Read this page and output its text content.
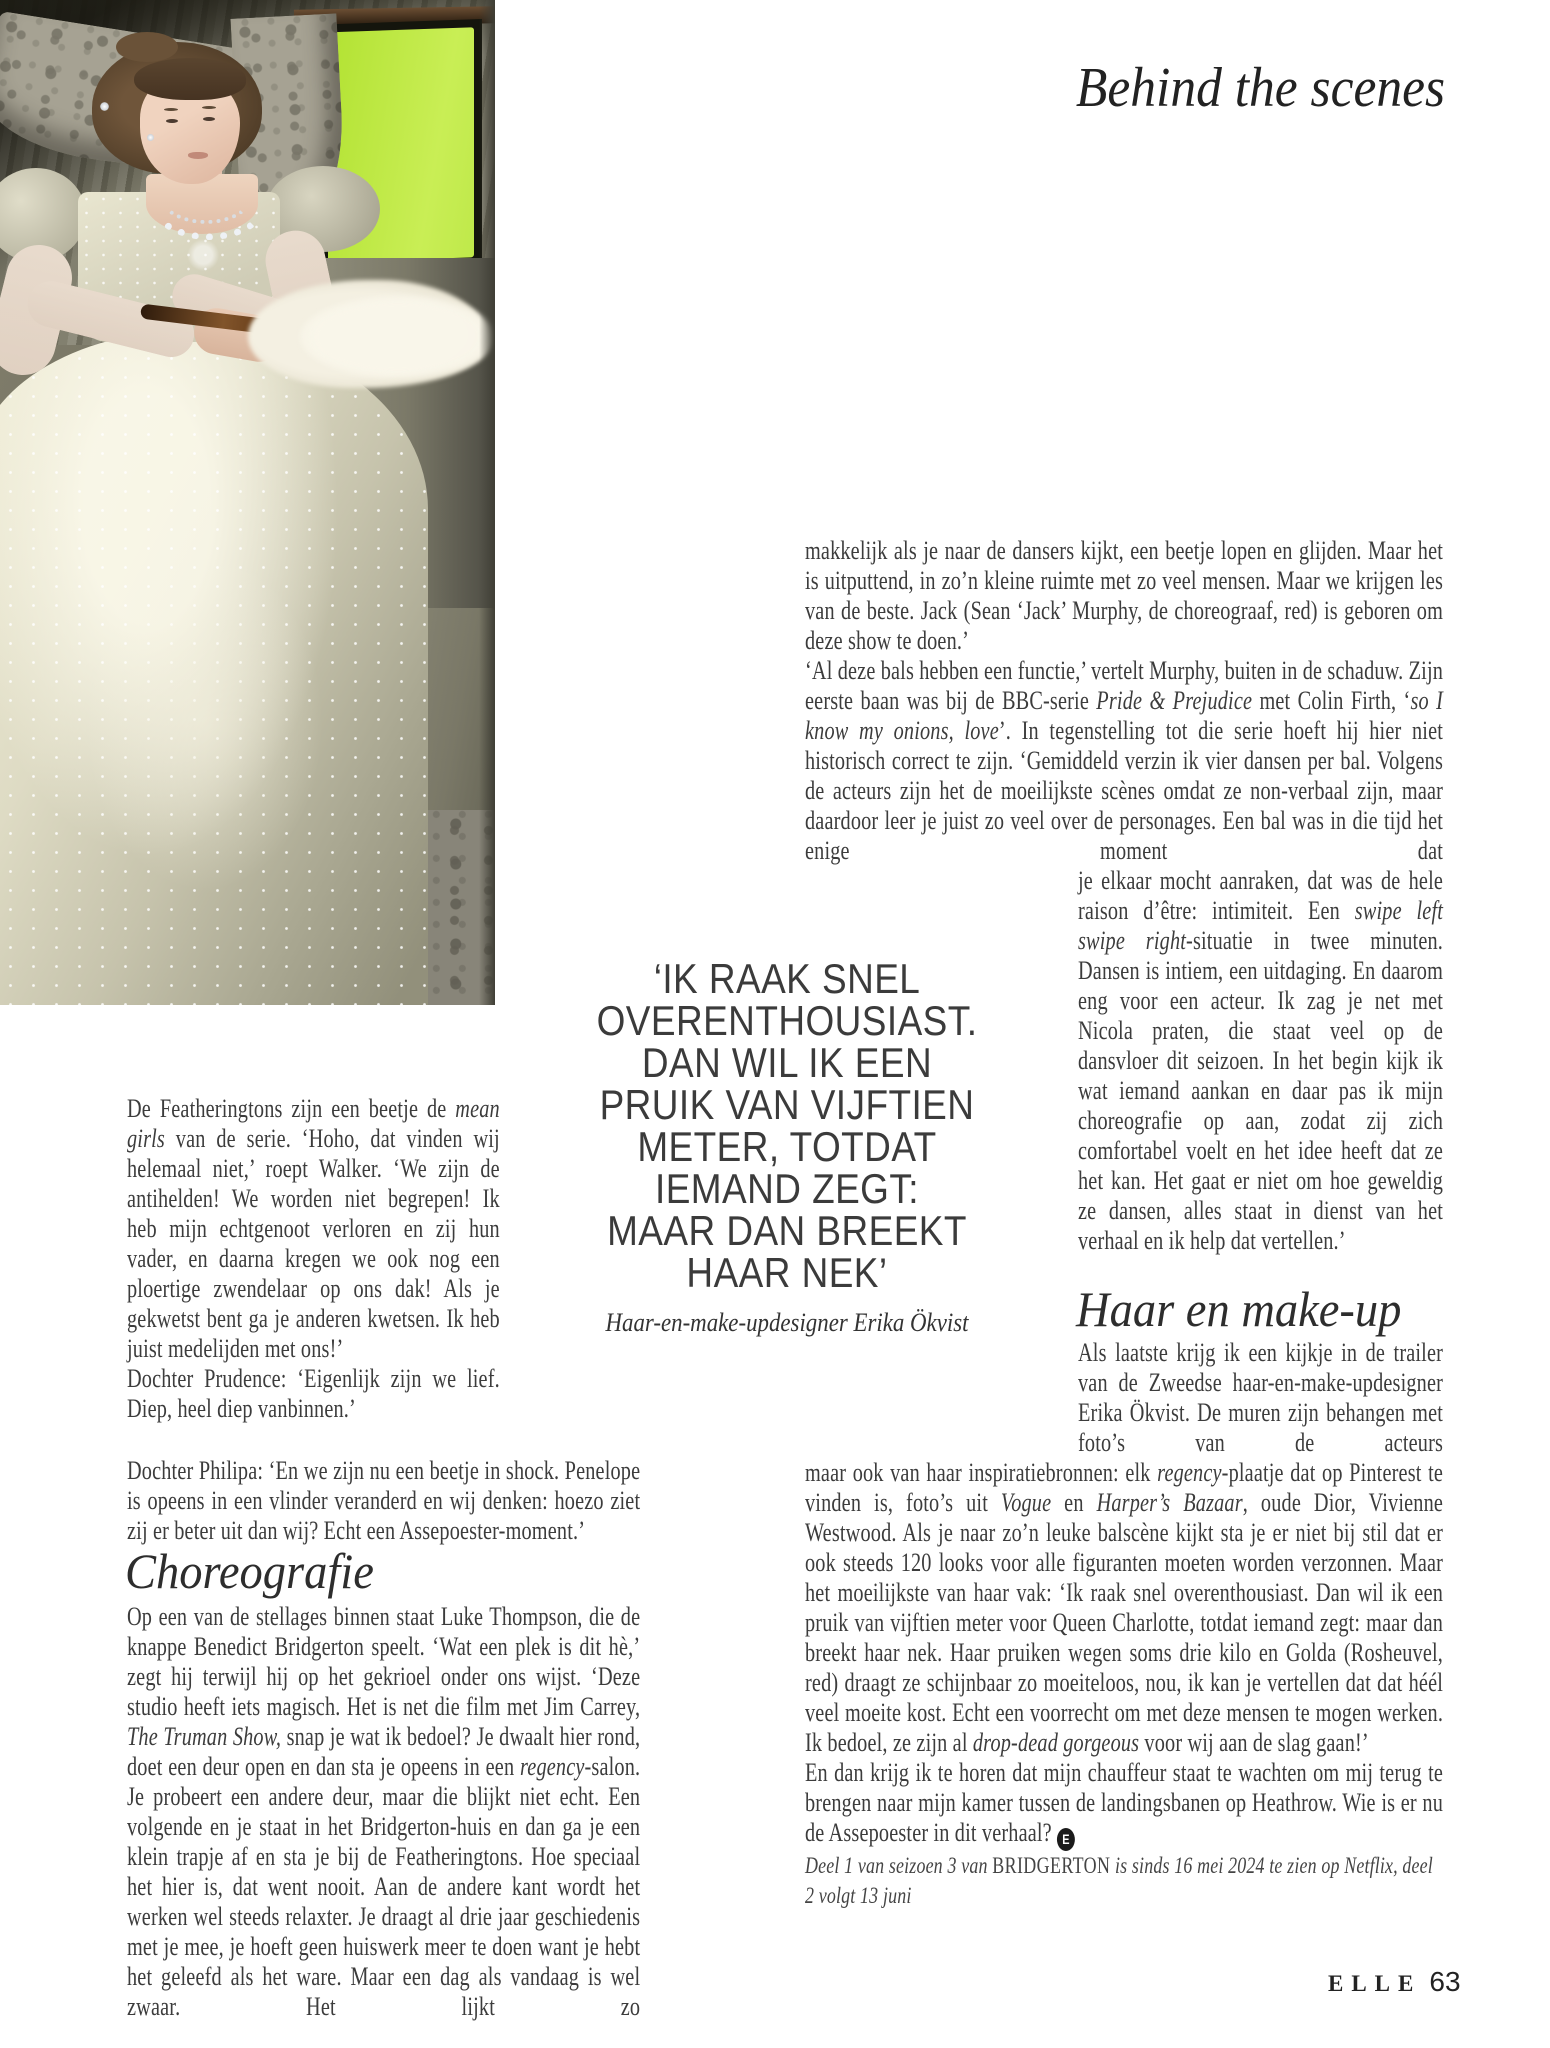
Behind the scenes

makkelijk als je naar de dansers kijkt, een beetje lopen en glijden. Maar het is uitputtend, in zo’n kleine ruimte met zo veel mensen. Maar we krijgen les van de beste. Jack (Sean ‘Jack’ Murphy, de choreograaf, red) is geboren om deze show te doen.’

‘Al deze bals hebben een functie,’ vertelt Murphy, buiten in de schaduw. Zijn eerste baan was bij de BBC-serie Pride & Prejudice met Colin Firth, ‘so I know my onions, love’. In tegenstelling tot die serie hoeft hij hier niet historisch correct te zijn. ‘Gemiddeld verzin ik vier dansen per bal. Volgens de acteurs zijn het de moeilijkste scènes omdat ze non-verbaal zijn, maar daardoor leer je juist zo veel over de personages. Een bal was in die tijd het enige moment dat

je elkaar mocht aanraken, dat was de hele raison d’être: intimiteit. Een swipe left swipe right-situatie in twee minuten. Dansen is intiem, een uitdaging. En daarom eng voor een acteur. Ik zag je net met Nicola praten, die staat veel op de dansvloer dit seizoen. In het begin kijk ik wat iemand aankan en daar pas ik mijn choreografie op aan, zodat zij zich comfortabel voelt en het idee heeft dat ze het kan. Het gaat er niet om hoe geweldig ze dansen, alles staat in dienst van het verhaal en ik help dat vertellen.’

‘IK RAAK SNEL
OVERENTHOUSIAST.
DAN WIL IK EEN
PRUIK VAN VIJFTIEN
METER, TOTDAT
IEMAND ZEGT:
MAAR DAN BREEKT
HAAR NEK’
Haar-en-make-updesigner Erika Ökvist	Haar en make-up

Als laatste krijg ik een kijkje in de trailer van de Zweedse haar-en-make-updesigner Erika Ökvist. De muren zijn behangen met foto’s van de acteurs

maar ook van haar inspiratiebronnen: elk regency-plaatje dat op Pinterest te vinden is, foto’s uit Vogue en Harper’s Bazaar, oude Dior, Vivienne Westwood. Als je naar zo’n leuke balscène kijkt sta je er niet bij stil dat er ook steeds 120 looks voor alle figuranten moeten worden verzonnen. Maar het moeilijkste van haar vak: ‘Ik raak snel overenthousiast. Dan wil ik een pruik van vijftien meter voor Queen Charlotte, totdat iemand zegt: maar dan breekt haar nek. Haar pruiken wegen soms drie kilo en Golda (Rosheuvel, red) draagt ze schijnbaar zo moeiteloos, nou, ik kan je vertellen dat dat héél veel moeite kost. Echt een voorrecht om met deze mensen te mogen werken. Ik bedoel, ze zijn al drop-dead gorgeous voor wij aan de slag gaan!’

En dan krijg ik te horen dat mijn chauffeur staat te wachten om mij terug te brengen naar mijn kamer tussen de landingsbanen op Heathrow. Wie is er nu de Assepoester in dit verhaal? E

Deel 1 van seizoen 3 van BRIDGERTON is sinds 16 mei 2024 te zien op Netflix, deel 2 volgt 13 juni

De Featheringtons zijn een beetje de mean girls van de serie. ‘Hoho, dat vinden wij helemaal niet,’ roept Walker. ‘We zijn de antihelden! We worden niet begrepen! Ik heb mijn echtgenoot verloren en zij hun vader, en daarna kregen we ook nog een ploertige zwendelaar op ons dak! Als je gekwetst bent ga je anderen kwetsen. Ik heb juist medelijden met ons!’

Dochter Prudence: ‘Eigenlijk zijn we lief. Diep, heel diep vanbinnen.’

Dochter Philipa: ‘En we zijn nu een beetje in shock. Penelope is opeens in een vlinder veranderd en wij denken: hoezo ziet zij er beter uit dan wij? Echt een Assepoester-moment.’

Choreografie

Op een van de stellages binnen staat Luke Thompson, die de knappe Benedict Bridgerton speelt. ‘Wat een plek is dit hè,’ zegt hij terwijl hij op het gekrioel onder ons wijst. ‘Deze studio heeft iets magisch. Het is net die film met Jim Carrey, The Truman Show, snap je wat ik bedoel? Je dwaalt hier rond, doet een deur open en dan sta je opeens in een regency-salon. Je probeert een andere deur, maar die blijkt niet echt. Een volgende en je staat in het Bridgerton-huis en dan ga je een klein trapje af en sta je bij de Featheringtons. Hoe speciaal het hier is, dat went nooit. Aan de andere kant wordt het werken wel steeds relaxter. Je draagt al drie jaar geschiedenis met je mee, je hoeft geen huiswerk meer te doen want je hebt het geleefd als het ware. Maar een dag als vandaag is wel zwaar. Het lijkt zo

ELLE 63
